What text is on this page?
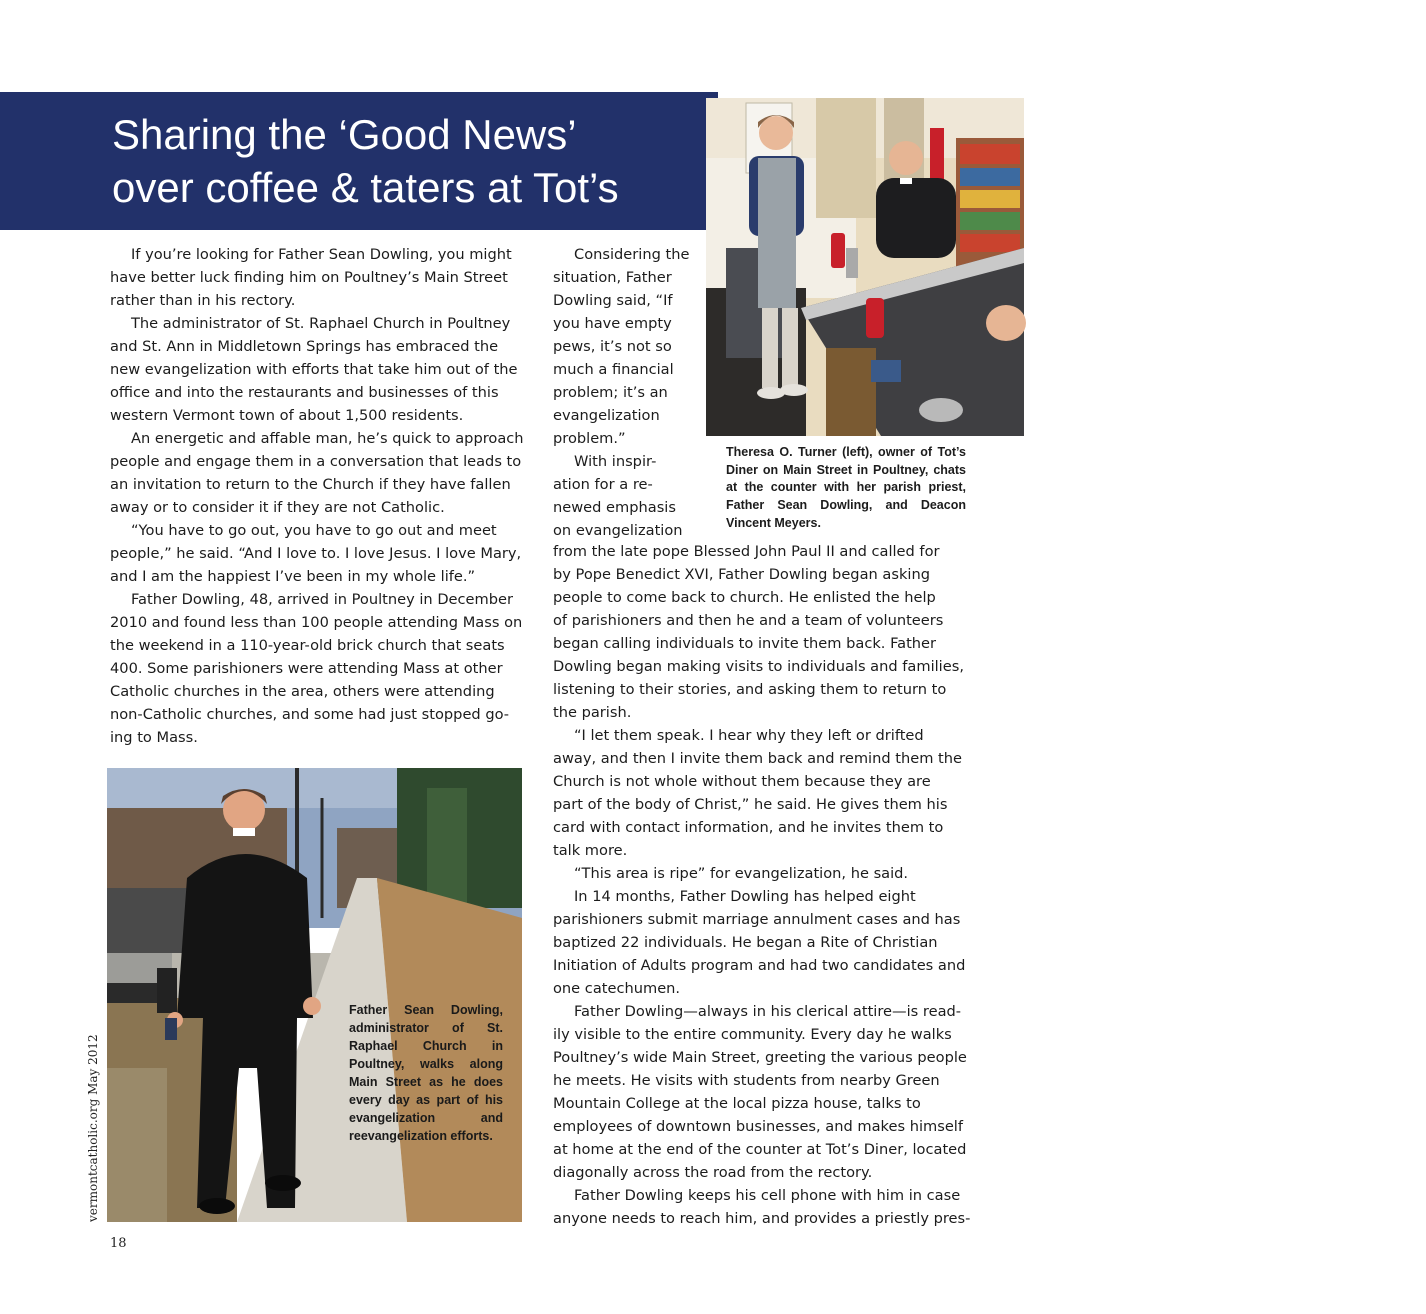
Sharing the ‘Good News’
over coffee & taters at Tot’s
(Photos by Cori Fugere Urban)
Theresa O. Turner (left), owner of Tot’s Diner on Main Street in Poultney, chats at the counter with her parish priest, Father Sean Dowling, and Deacon Vincent Meyers.
Father Sean Dowling, administrator of St. Raphael Church in Poultney, walks along Main Street as he does every day as part of his evangelization and reevangelization efforts.

If you’re looking for Father Sean Dowling, you might
have better luck finding him on Poultney’s Main Street
rather than in his rectory.

The administrator of St. Raphael Church in Poultney
and St. Ann in Middletown Springs has embraced the
new evangelization with efforts that take him out of the
office and into the restaurants and businesses of this
western Vermont town of about 1,500 residents.

An energetic and affable man, he’s quick to approach
people and engage them in a conversation that leads to
an invitation to return to the Church if they have fallen
away or to consider it if they are not Catholic.

“You have to go out, you have to go out and meet
people,” he said. “And I love to. I love Jesus. I love Mary,
and I am the happiest I’ve been in my whole life.”

Father Dowling, 48, arrived in Poultney in December
2010 and found less than 100 people attending Mass on
the weekend in a 110-year-old brick church that seats
400. Some parishioners were attending Mass at other
Catholic churches in the area, others were attending
non-Catholic churches, and some had just stopped go-
ing to Mass.

Considering the
situation, Father
Dowling said, “If
you have empty
pews, it’s not so
much a financial
problem; it’s an
evangelization
problem.”

With inspir-
ation for a re-
newed emphasis
on evangelization

from the late pope Blessed John Paul II and called for
by Pope Benedict XVI, Father Dowling began asking
people to come back to church. He enlisted the help
of parishioners and then he and a team of volunteers
began calling individuals to invite them back. Father
Dowling began making visits to individuals and families,
listening to their stories, and asking them to return to
the parish.

“I let them speak. I hear why they left or drifted
away, and then I invite them back and remind them the
Church is not whole without them because they are
part of the body of Christ,” he said. He gives them his
card with contact information, and he invites them to
talk more.

“This area is ripe” for evangelization, he said.

In 14 months, Father Dowling has helped eight
parishioners submit marriage annulment cases and has
baptized 22 individuals. He began a Rite of Christian
Initiation of Adults program and had two candidates and
one catechumen.

Father Dowling—always in his clerical attire—is read-
ily visible to the entire community. Every day he walks
Poultney’s wide Main Street, greeting the various people
he meets. He visits with students from nearby Green
Mountain College at the local pizza house, talks to
employees of downtown businesses, and makes himself
at home at the end of the counter at Tot’s Diner, located
diagonally across the road from the rectory.

Father Dowling keeps his cell phone with him in case
anyone needs to reach him, and provides a priestly pres-

vermontcatholic.org May 2012
18
